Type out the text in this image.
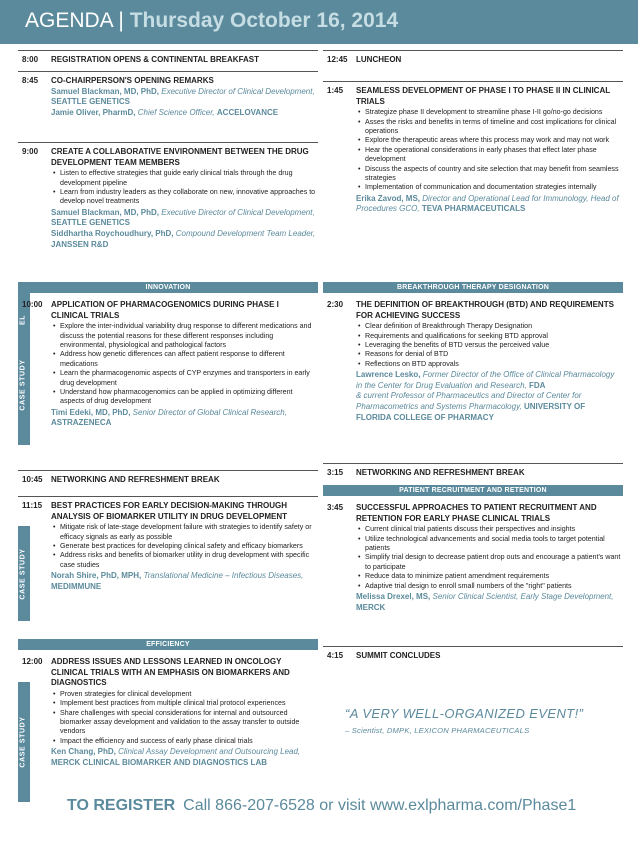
AGENDA | Thursday October 16, 2014
8:00 REGISTRATION OPENS & CONTINENTAL BREAKFAST
8:45 CO-CHAIRPERSON'S OPENING REMARKS
Samuel Blackman, MD, PhD, Executive Director of Clinical Development, SEATTLE GENETICS
Jamie Oliver, PharmD, Chief Science Officer, ACCELOVANCE
9:00 CREATE A COLLABORATIVE ENVIRONMENT BETWEEN THE DRUG DEVELOPMENT TEAM MEMBERS
• Listen to effective strategies that guide early clinical trials through the drug development pipeline
• Learn from industry leaders as they collaborate on new, innovative approaches to develop novel treatments
Samuel Blackman, MD, PhD, Executive Director of Clinical Development, SEATTLE GENETICS
Siddhartha Roychoudhury, PhD, Compound Development Team Leader, JANSSEN R&D
INNOVATION
10:00 APPLICATION OF PHARMACOGENOMICS DURING PHASE I CLINICAL TRIALS
• Explore the inter-individual variability drug response to different medications and discuss the potential reasons for these different responses including environmental, physiological and pathological factors
• Address how genetic differences can affect patient response to different medications
• Learn the pharmacogenomic aspects of CYP enzymes and transporters in early drug development
• Understand how pharmacogenomics can be applied in optimizing different aspects of drug development
Timi Edeki, MD, PhD, Senior Director of Global Clinical Research, ASTRAZENECA
CASE STUDY
10:45 NETWORKING AND REFRESHMENT BREAK
11:15 BEST PRACTICES FOR EARLY DECISION-MAKING THROUGH ANALYSIS OF BIOMARKER UTILITY IN DRUG DEVELOPMENT
• Mitigate risk of late-stage development failure with strategies to identify safety or efficacy signals as early as possible
• Generate best practices for developing clinical safety and efficacy biomarkers
• Address risks and benefits of biomarker utility in drug development with specific case studies
Norah Shire, PhD, MPH, Translational Medicine – Infectious Diseases, MEDIMMUNE
CASE STUDY
EFFICIENCY
12:00 ADDRESS ISSUES AND LESSONS LEARNED IN ONCOLOGY CLINICAL TRIALS WITH AN EMPHASIS ON BIOMARKERS AND DIAGNOSTICS
• Proven strategies for clinical development
• Implement best practices from multiple clinical trial protocol experiences
• Share challenges with special considerations for internal and outsourced biomarker assay development and validation to the assay transfer to outside vendors
• Impact the efficiency and success of early phase clinical trials
Ken Chang, PhD, Clinical Assay Development and Outsourcing Lead, MERCK CLINICAL BIOMARKER AND DIAGNOSTICS LAB
CASE STUDY
12:45 LUNCHEON
1:45 SEAMLESS DEVELOPMENT OF PHASE I TO PHASE II IN CLINICAL TRIALS
• Strategize phase II development to streamline phase I-II go/no-go decisions
• Asses the risks and benefits in terms of timeline and cost implications for clinical operations
• Explore the therapeutic areas where this process may work and may not work
• Hear the operational considerations in early phases that effect later phase development
• Discuss the aspects of country and site selection that may benefit from seamless strategies
• Implementation of communication and documentation strategies internally
Erika Zavod, MS, Director and Operational Lead for Immunology, Head of Procedures GCO, TEVA PHARMACEUTICALS
BREAKTHROUGH THERAPY DESIGNATION
2:30 THE DEFINITION OF BREAKTHROUGH (BTD) AND REQUIREMENTS FOR ACHIEVING SUCCESS
• Clear definition of Breakthrough Therapy Designation
• Requirements and qualifications for seeking BTD approval
• Leveraging the benefits of BTD versus the perceived value
• Reasons for denial of BTD
• Reflections on BTD approvals
Lawrence Lesko, Former Director of the Office of Clinical Pharmacology in the Center for Drug Evaluation and Research, FDA
& current Professor of Pharmaceutics and Director of Center for Pharmacometrics and Systems Pharmacology, UNIVERSITY OF FLORIDA COLLEGE OF PHARMACY
3:15 NETWORKING AND REFRESHMENT BREAK
PATIENT RECRUITMENT AND RETENTION
3:45 SUCCESSFUL APPROACHES TO PATIENT RECRUITMENT AND RETENTION FOR EARLY PHASE CLINICAL TRIALS
• Current clinical trial patients discuss their perspectives and insights
• Utilize technological advancements and social media tools to target potential patients
• Simplify trial design to decrease patient drop outs and encourage a patient's want to participate
• Reduce data to minimize patient amendment requirements
• Adaptive trial design to enroll small numbers of the "right" patients
Melissa Drexel, MS, Senior Clinical Scientist, Early Stage Development, MERCK
4:15 SUMMIT CONCLUDES
“A VERY WELL-ORGANIZED EVENT!”
– Scientist, DMPK, LEXICON PHARMACEUTICALS
TO REGISTER Call 866-207-6528 or visit www.exlpharma.com/Phase1
